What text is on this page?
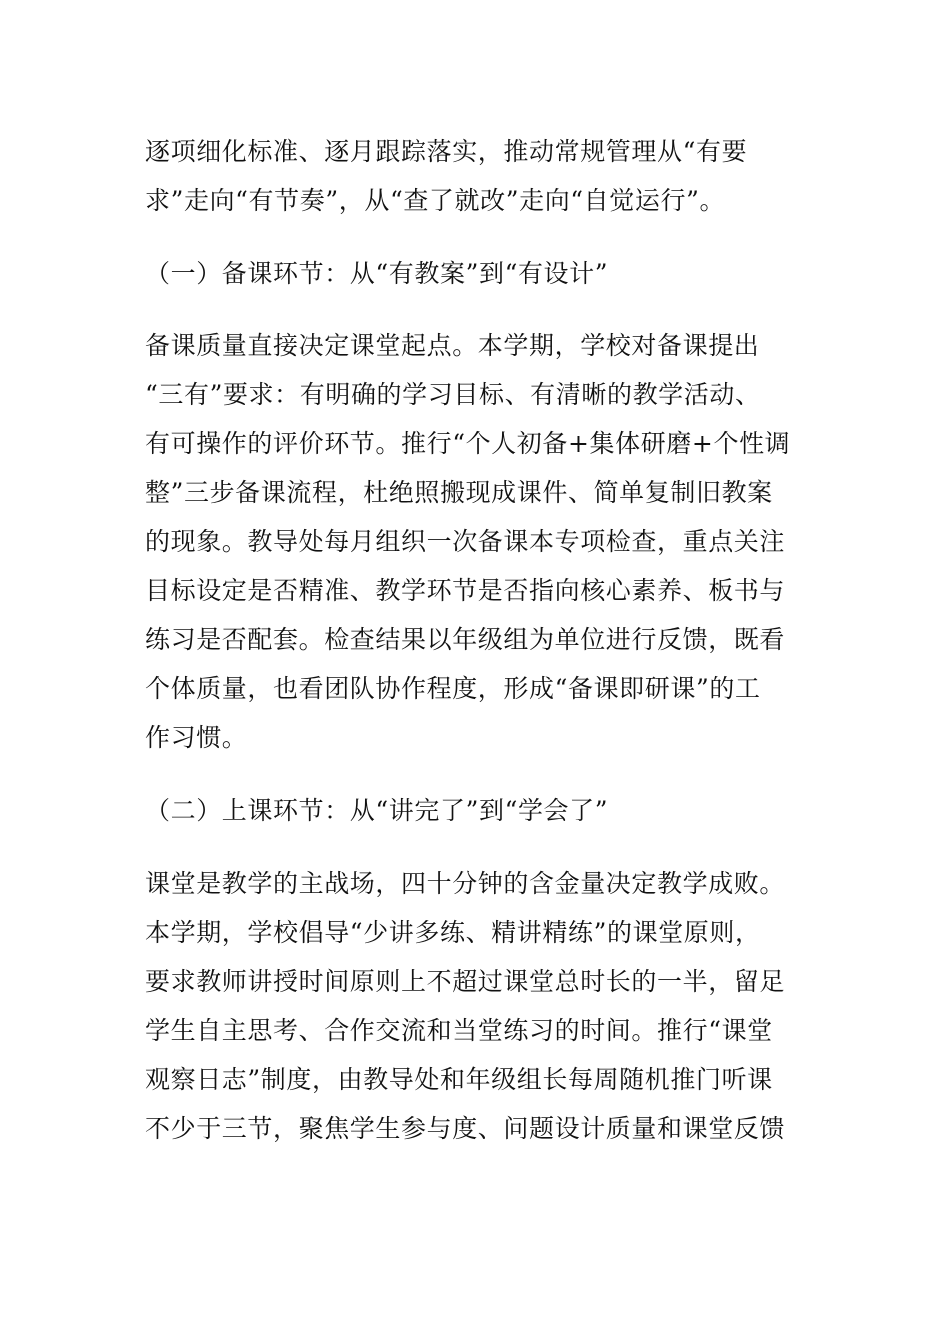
逐项细化标准、逐月跟踪落实，推动常规管理从“有要
求”走向“有节奏”，从“查了就改”走向“自觉运行”。
（一）备课环节：从“有教案”到“有设计”
备课质量直接决定课堂起点。本学期，学校对备课提出
“三有”要求：有明确的学习目标、有清晰的教学活动、
有可操作的评价环节。推行“个人初备+集体研磨+个性调
整”三步备课流程，杜绝照搬现成课件、简单复制旧教案
的现象。教导处每月组织一次备课本专项检查，重点关注
目标设定是否精准、教学环节是否指向核心素养、板书与
练习是否配套。检查结果以年级组为单位进行反馈，既看
个体质量，也看团队协作程度，形成“备课即研课”的工
作习惯。
（二）上课环节：从“讲完了”到“学会了”
课堂是教学的主战场，四十分钟的含金量决定教学成败。
本学期，学校倡导“少讲多练、精讲精练”的课堂原则，
要求教师讲授时间原则上不超过课堂总时长的一半，留足
学生自主思考、合作交流和当堂练习的时间。推行“课堂
观察日志”制度，由教导处和年级组长每周随机推门听课
不少于三节，聚焦学生参与度、问题设计质量和课堂反馈
